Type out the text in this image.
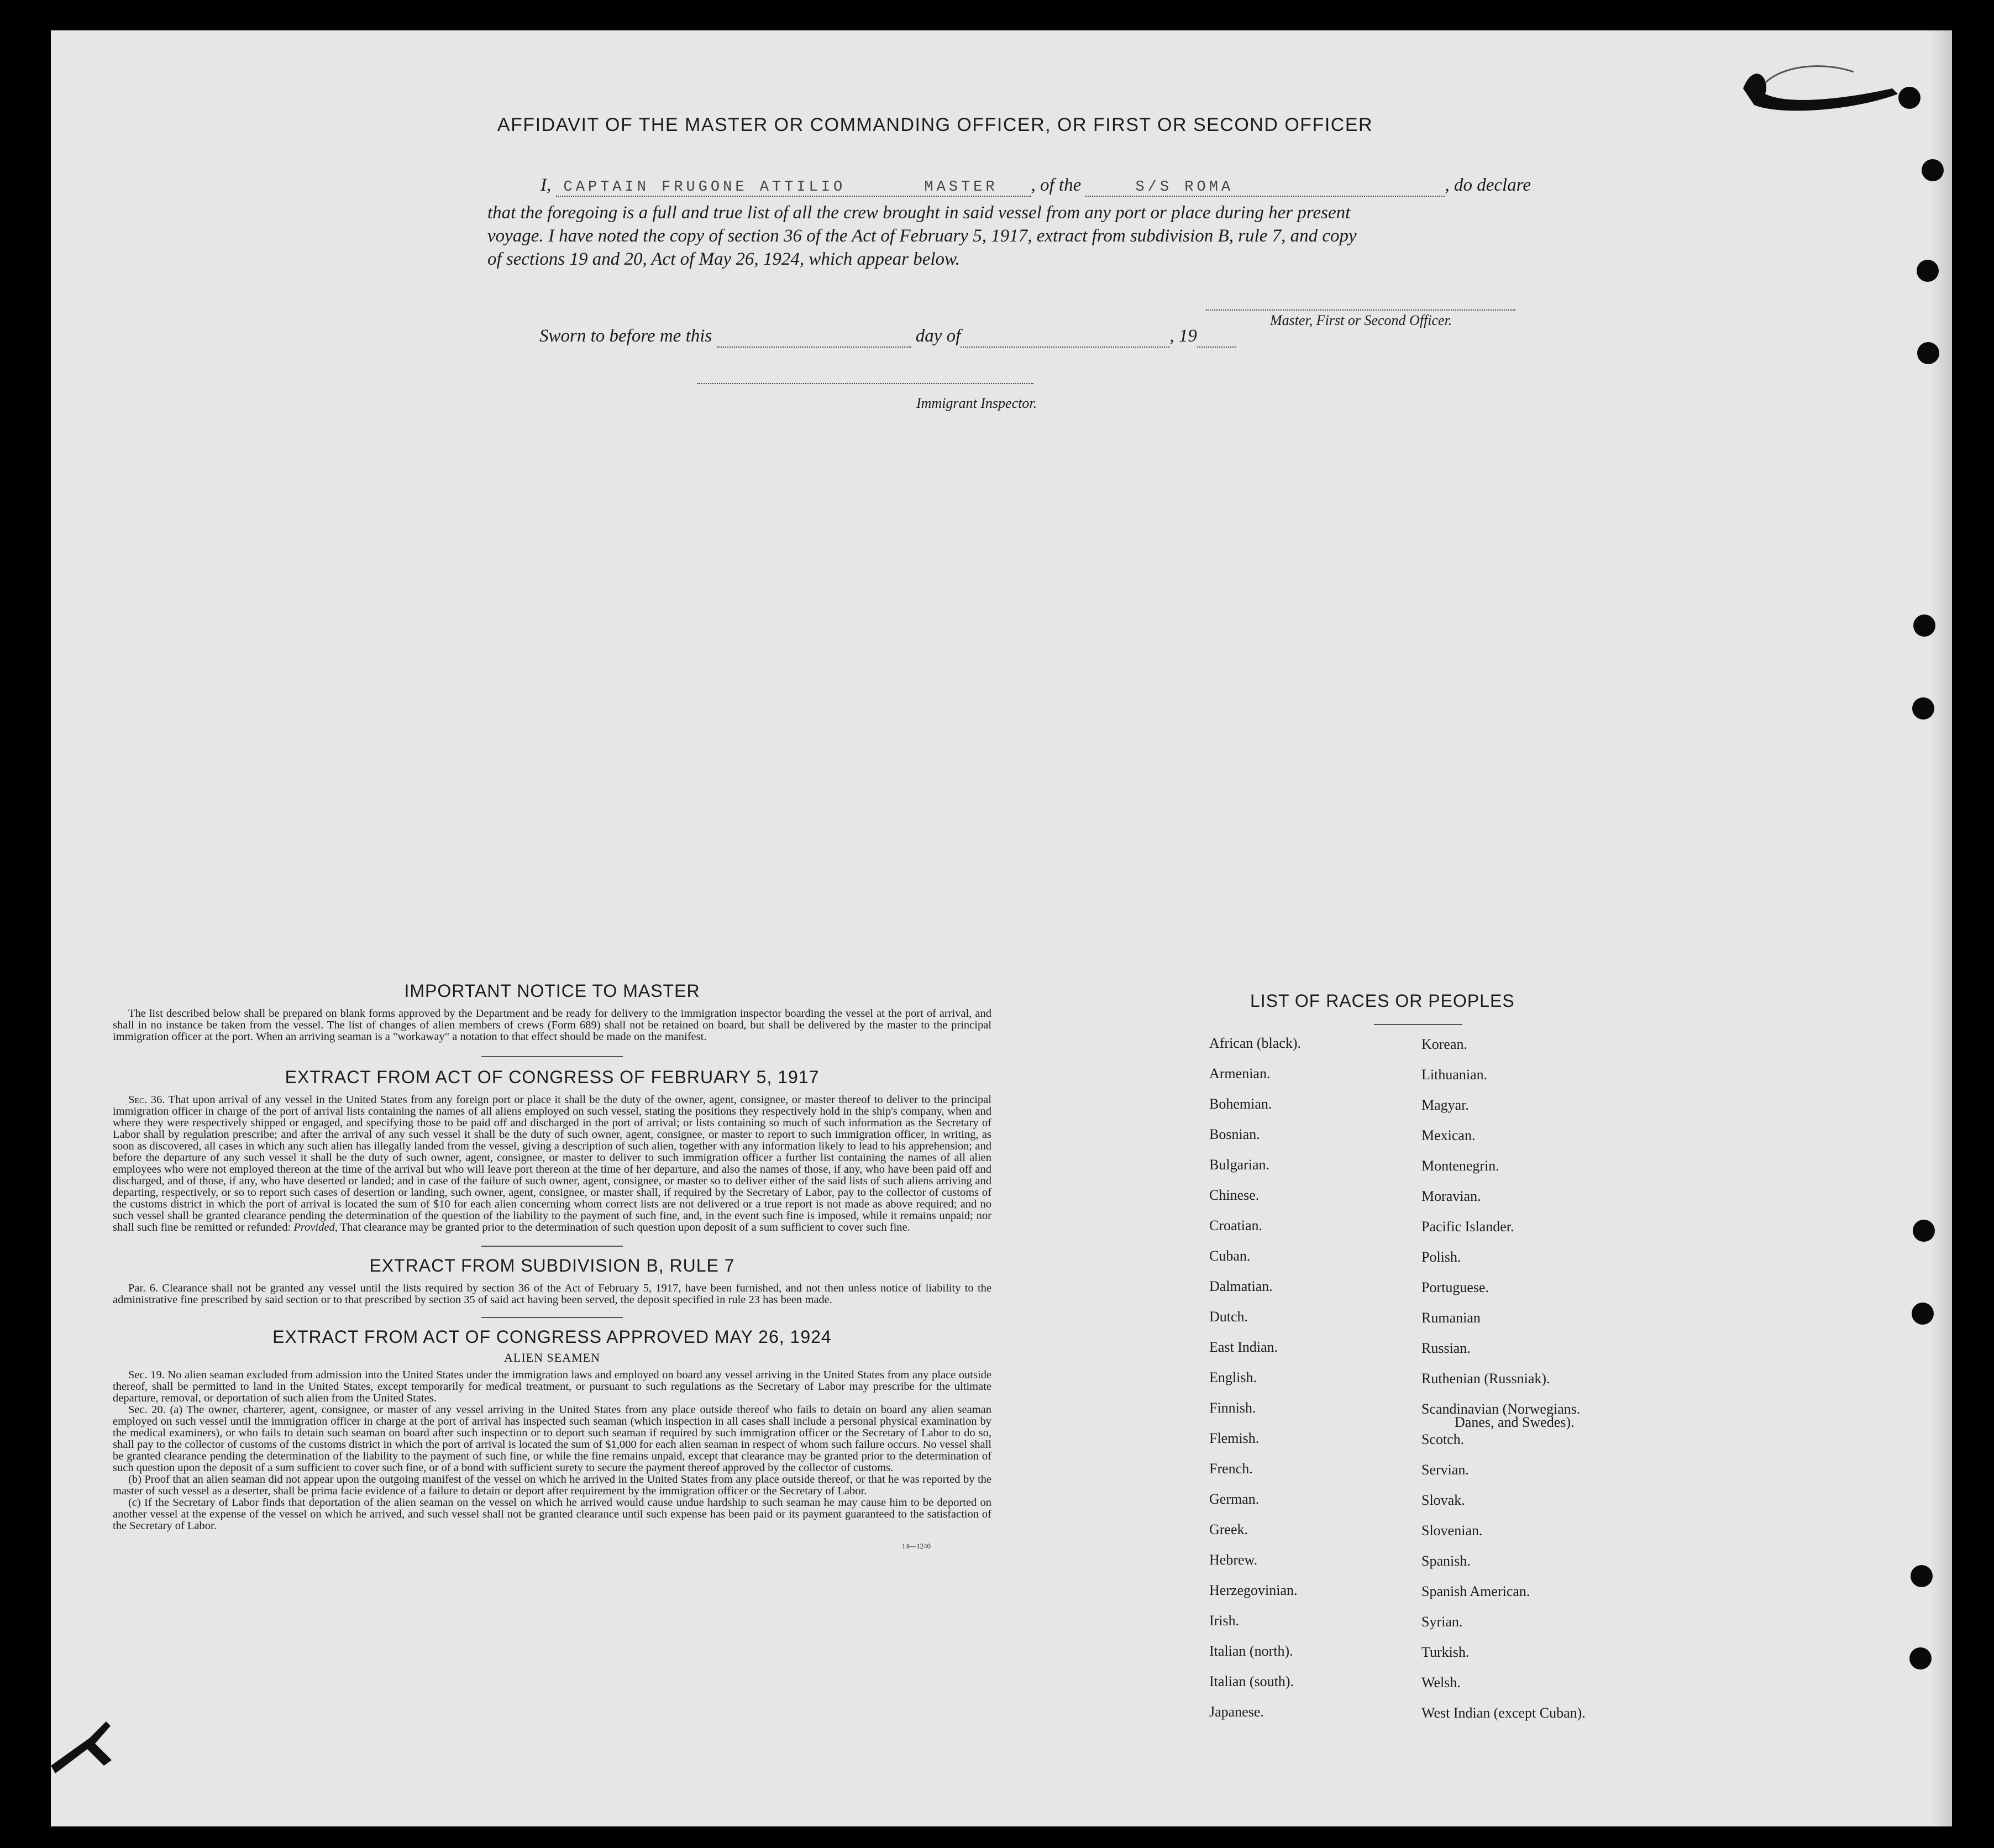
AFFIDAVIT OF THE MASTER OR COMMANDING OFFICER, OR FIRST OR SECOND OFFICER
I, CAPTAIN FRUGONE ATTILIO	MASTER , of the	S/S ROMA	, do declare
that the foregoing is a full and true list of all the crew brought in said vessel from any port or place during her present
voyage. I have noted the copy of section 36 of the Act of February 5, 1917, extract from subdivision B, rule 7, and copy
of sections 19 and 20, Act of May 26, 1924, which appear below.
Master, First or Second Officer.
Sworn to before me this	day of	, 19
Immigrant Inspector.
IMPORTANT NOTICE TO MASTER
The list described below shall be prepared on blank forms approved by the Department and be ready for delivery to the immigration inspector boarding the vessel at the port of arrival, and shall in no instance be taken from the vessel. The list of changes of alien members of crews (Form 689) shall not be retained on board, but shall be delivered by the master to the principal immigration officer at the port. When an arriving seaman is a "workaway" a notation to that effect should be made on the manifest.
EXTRACT FROM ACT OF CONGRESS OF FEBRUARY 5, 1917
Sec. 36. That upon arrival of any vessel in the United States from any foreign port or place it shall be the duty of the owner, agent, consignee, or master thereof to deliver to the principal immigration officer in charge of the port of arrival lists containing the names of all aliens employed on such vessel, stating the positions they respectively hold in the ship's company, when and where they were respectively shipped or engaged, and specifying those to be paid off and discharged in the port of arrival; or lists containing so much of such information as the Secretary of Labor shall by regulation prescribe; and after the arrival of any such vessel it shall be the duty of such owner, agent, consignee, or master to report to such immigration officer, in writing, as soon as discovered, all cases in which any such alien has illegally landed from the vessel, giving a description of such alien, together with any information likely to lead to his apprehension; and before the departure of any such vessel it shall be the duty of such owner, agent, consignee, or master to deliver to such immigration officer a further list containing the names of all alien employees who were not employed thereon at the time of the arrival but who will leave port thereon at the time of her departure, and also the names of those, if any, who have been paid off and discharged, and of those, if any, who have deserted or landed; and in case of the failure of such owner, agent, consignee, or master so to deliver either of the said lists of such aliens arriving and departing, respectively, or so to report such cases of desertion or landing, such owner, agent, consignee, or master shall, if required by the Secretary of Labor, pay to the collector of customs of the customs district in which the port of arrival is located the sum of $10 for each alien concerning whom correct lists are not delivered or a true report is not made as above required; and no such vessel shall be granted clearance pending the determination of the question of the liability to the payment of such fine, and, in the event such fine is imposed, while it remains unpaid; nor shall such fine be remitted or refunded: Provided, That clearance may be granted prior to the determination of such question upon deposit of a sum sufficient to cover such fine.
EXTRACT FROM SUBDIVISION B, RULE 7
Par. 6. Clearance shall not be granted any vessel until the lists required by section 36 of the Act of February 5, 1917, have been furnished, and not then unless notice of liability to the administrative fine prescribed by said section or to that prescribed by section 35 of said act having been served, the deposit specified in rule 23 has been made.
EXTRACT FROM ACT OF CONGRESS APPROVED MAY 26, 1924
ALIEN SEAMEN
Sec. 19. No alien seaman excluded from admission into the United States under the immigration laws and employed on board any vessel arriving in the United States from any place outside thereof, shall be permitted to land in the United States, except temporarily for medical treatment, or pursuant to such regulations as the Secretary of Labor may prescribe for the ultimate departure, removal, or deportation of such alien from the United States.
Sec. 20. (a) The owner, charterer, agent, consignee, or master of any vessel arriving in the United States from any place outside thereof who fails to detain on board any alien seaman employed on such vessel until the immigration officer in charge at the port of arrival has inspected such seaman (which inspection in all cases shall include a personal physical examination by the medical examiners), or who fails to detain such seaman on board after such inspection or to deport such seaman if required by such immigration officer or the Secretary of Labor to do so, shall pay to the collector of customs of the customs district in which the port of arrival is located the sum of $1,000 for each alien seaman in respect of whom such failure occurs. No vessel shall be granted clearance pending the determination of the liability to the payment of such fine, or while the fine remains unpaid, except that clearance may be granted prior to the determination of such question upon the deposit of a sum sufficient to cover such fine, or of a bond with sufficient surety to secure the payment thereof approved by the collector of customs.
(b) Proof that an alien seaman did not appear upon the outgoing manifest of the vessel on which he arrived in the United States from any place outside thereof, or that he was reported by the master of such vessel as a deserter, shall be prima facie evidence of a failure to detain or deport after requirement by the immigration officer or the Secretary of Labor.
(c) If the Secretary of Labor finds that deportation of the alien seaman on the vessel on which he arrived would cause undue hardship to such seaman he may cause him to be deported on another vessel at the expense of the vessel on which he arrived, and such vessel shall not be granted clearance until such expense has been paid or its payment guaranteed to the satisfaction of the Secretary of Labor.
14—1240
LIST OF RACES OR PEOPLES
African (black).
Armenian.
Bohemian.
Bosnian.
Bulgarian.
Chinese.
Croatian.
Cuban.
Dalmatian.
Dutch.
East Indian.
English.
Finnish.
Flemish.
French.
German.
Greek.
Hebrew.
Herzegovinian.
Irish.
Italian (north).
Italian (south).
Japanese.
Korean.
Lithuanian.
Magyar.
Mexican.
Montenegrin.
Moravian.
Pacific Islander.
Polish.
Portuguese.
Rumanian
Russian.
Ruthenian (Russniak).
Scandinavian (Norwegians.
Danes, and Swedes).
Scotch.
Servian.
Slovak.
Slovenian.
Spanish.
Spanish American.
Syrian.
Turkish.
Welsh.
West Indian (except Cuban).
